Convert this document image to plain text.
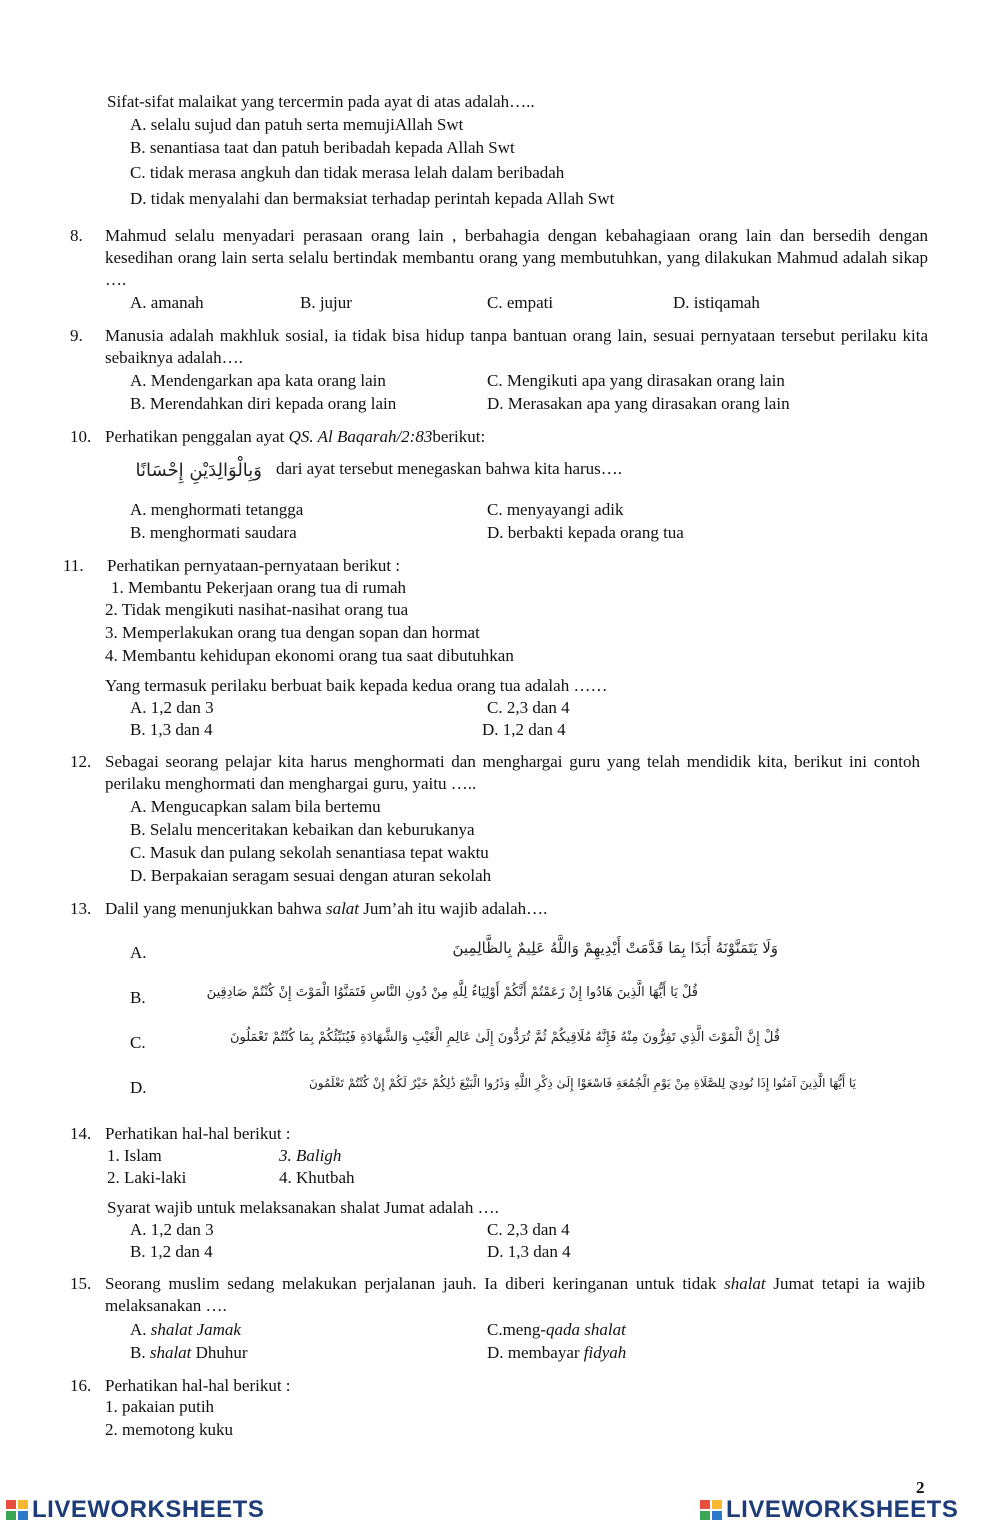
Sifat-sifat malaikat yang tercermin pada ayat di atas adalah…..
A. selalu sujud dan patuh serta memujiAllah Swt
B. senantiasa taat dan patuh beribadah kepada Allah Swt
C. tidak merasa angkuh dan tidak merasa lelah dalam beribadah
D. tidak menyalahi dan bermaksiat terhadap perintah kepada Allah Swt
8. Mahmud selalu menyadari perasaan orang lain , berbahagia dengan kebahagiaan orang lain dan bersedih dengan kesedihan orang lain serta selalu bertindak membantu orang yang membutuhkan, yang dilakukan Mahmud adalah sikap ….
A. amanah	B. jujur	C. empati	D. istiqamah
9. Manusia adalah makhluk sosial, ia tidak bisa hidup tanpa bantuan orang lain, sesuai pernyataan tersebut perilaku kita sebaiknya adalah….
A. Mendengarkan apa kata orang lain	C. Mengikuti apa yang dirasakan orang lain
B. Merendahkan diri kepada orang lain	D. Merasakan apa yang dirasakan orang lain
10. Perhatikan penggalan ayat QS. Al Baqarah/2:83berikut:
وَبِالْوَالِدَيْنِ إِحْسَانًا dari ayat tersebut menegaskan bahwa kita harus….
A. menghormati tetangga	C. menyayangi adik
B. menghormati saudara	D. berbakti kepada orang tua
11. Perhatikan pernyataan-pernyataan berikut :
1. Membantu Pekerjaan orang tua di rumah
2. Tidak mengikuti nasihat-nasihat orang tua
3. Memperlakukan orang tua dengan sopan dan hormat
4. Membantu kehidupan ekonomi orang tua saat dibutuhkan
Yang termasuk perilaku berbuat baik kepada kedua orang tua adalah ……
A. 1,2 dan 3	C. 2,3 dan 4
B. 1,3 dan 4	D. 1,2 dan 4
12. Sebagai seorang pelajar kita harus menghormati dan menghargai guru yang telah mendidik kita, berikut ini contoh perilaku menghormati dan menghargai guru, yaitu …..
A. Mengucapkan salam bila bertemu
B. Selalu menceritakan kebaikan dan keburukanya
C. Masuk dan pulang sekolah senantiasa tepat waktu
D. Berpakaian seragam sesuai dengan aturan sekolah
13. Dalil yang menunjukkan bahwa salat Jum’ah itu wajib adalah….
A.	وَلَا يَتَمَنَّوْنَهُ أَبَدًا بِمَا قَدَّمَتْ أَيْدِيهِمْ وَاللَّهُ عَلِيمٌ بِالظَّالِمِينَ
B.	قُلْ يَا أَيُّهَا الَّذِينَ هَادُوا إِنْ زَعَمْتُمْ أَنَّكُمْ أَوْلِيَاءُ لِلَّهِ مِنْ دُونِ النَّاسِ فَتَمَنَّوُا الْمَوْتَ إِنْ كُنْتُمْ صَادِقِينَ
C.	قُلْ إِنَّ الْمَوْتَ الَّذِي تَفِرُّونَ مِنْهُ فَإِنَّهُ مُلَاقِيكُمْ ثُمَّ تُرَدُّونَ إِلَىٰ عَالِمِ الْغَيْبِ وَالشَّهَادَةِ فَيُنَبِّئُكُمْ بِمَا كُنْتُمْ تَعْمَلُونَ
D.	يَا أَيُّهَا الَّذِينَ آمَنُوا إِذَا نُودِيَ لِلصَّلَاةِ مِنْ يَوْمِ الْجُمُعَةِ فَاسْعَوْا إِلَىٰ ذِكْرِ اللَّهِ وَذَرُوا الْبَيْعَ ذَٰلِكُمْ خَيْرٌ لَكُمْ إِنْ كُنْتُمْ تَعْلَمُونَ
14. Perhatikan hal-hal berikut :
1. Islam	3. Baligh
2. Laki-laki	4. Khutbah
Syarat wajib untuk melaksanakan shalat Jumat adalah ….
A. 1,2 dan 3	C. 2,3 dan 4
B. 1,2 dan 4	D. 1,3 dan 4
15. Seorang muslim sedang melakukan perjalanan jauh. Ia diberi keringanan untuk tidak shalat Jumat tetapi ia wajib melaksanakan ….
A. shalat Jamak	C.meng-qada shalat
B. shalat Dhuhur	D. membayar fidyah
16. Perhatikan hal-hal berikut :
1. pakaian putih
2. memotong kuku
2
LIVEWORKSHEETS	LIVEWORKSHEETS
